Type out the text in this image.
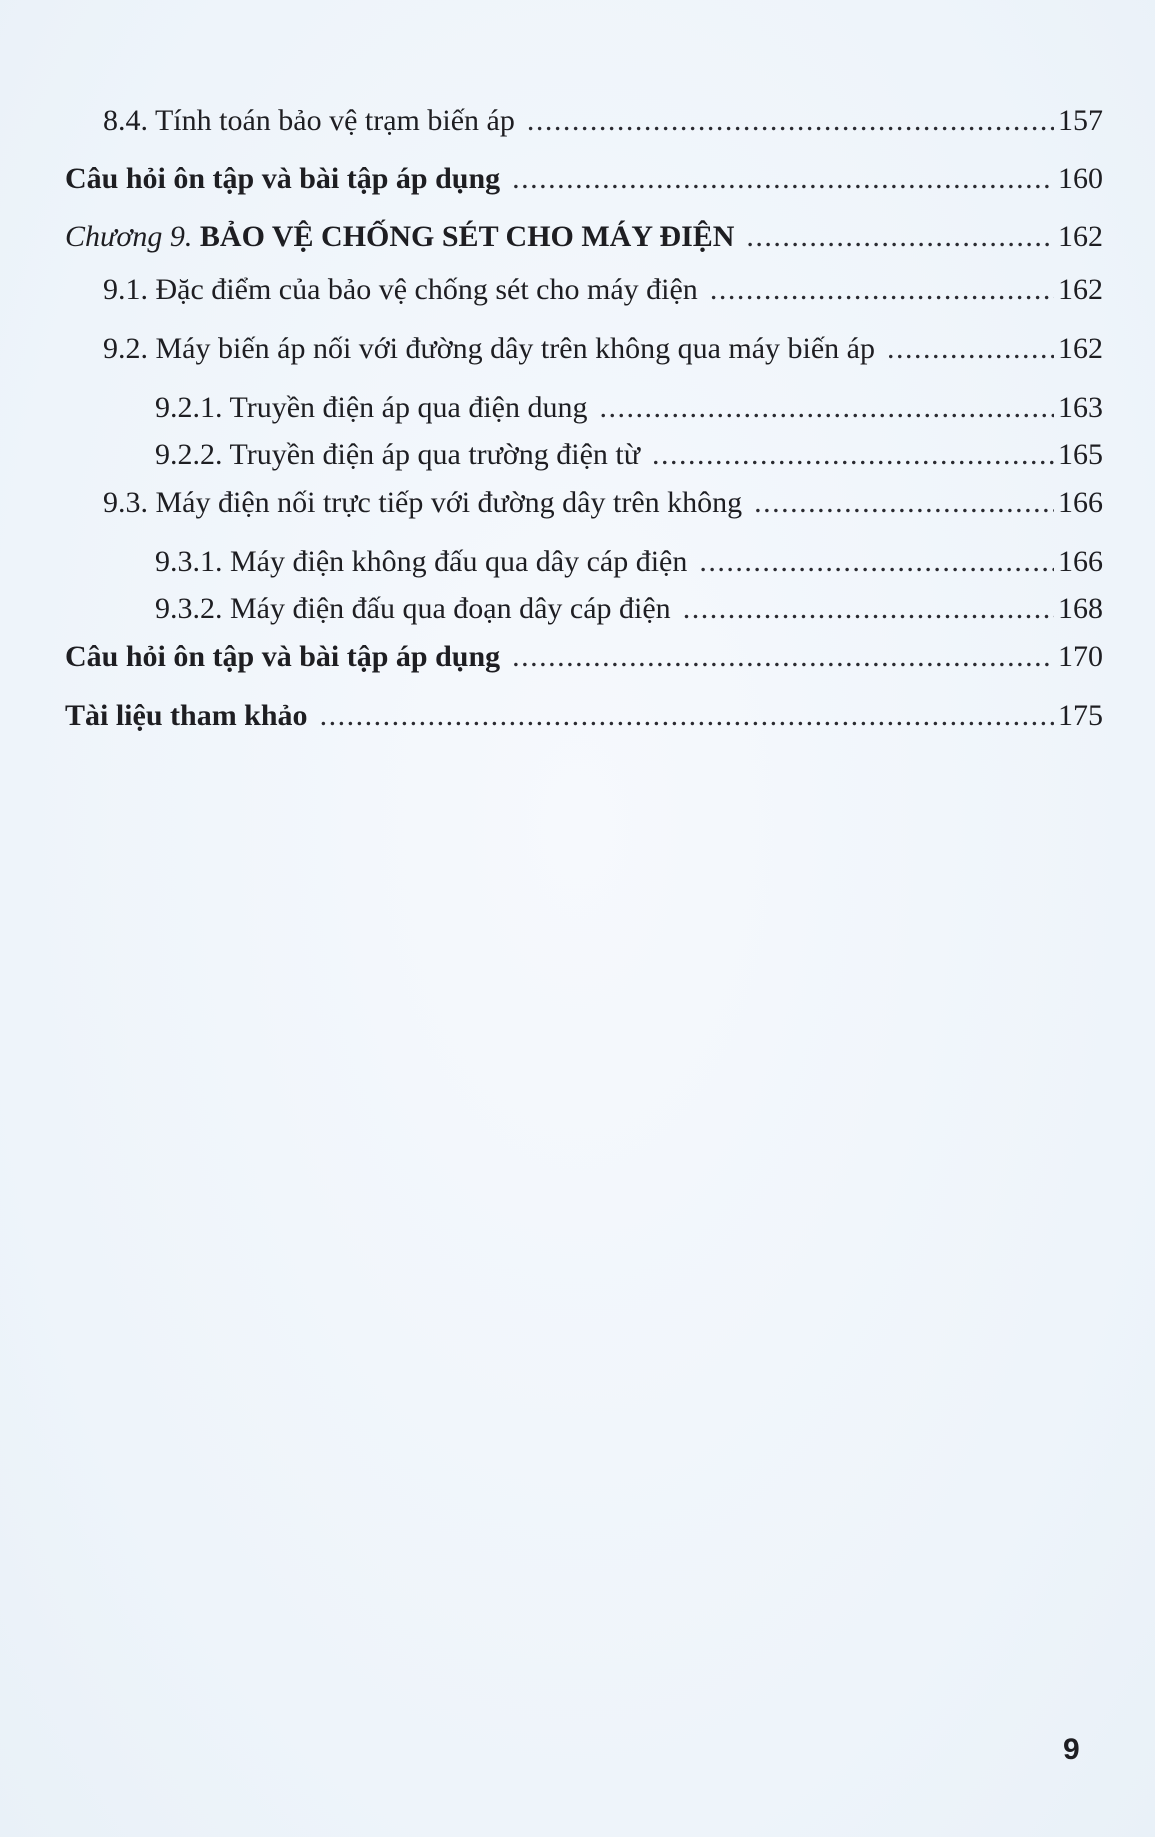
8.4. Tính toán bảo vệ trạm biến áp .....	157
Câu hỏi ôn tập và bài tập áp dụng .....	160
Chương 9. BẢO VỆ CHỐNG SÉT CHO MÁY ĐIỆN .....	162
9.1. Đặc điểm của bảo vệ chống sét cho máy điện .....	162
9.2. Máy biến áp nối với đường dây trên không qua máy biến áp .....	162
9.2.1. Truyền điện áp qua điện dung .....	163
9.2.2. Truyền điện áp qua trường điện từ .....	165
9.3. Máy điện nối trực tiếp với đường dây trên không .....	166
9.3.1. Máy điện không đấu qua dây cáp điện .....	166
9.3.2. Máy điện đấu qua đoạn dây cáp điện .....	168
Câu hỏi ôn tập và bài tập áp dụng .....	170
Tài liệu tham khảo .....	175
9
